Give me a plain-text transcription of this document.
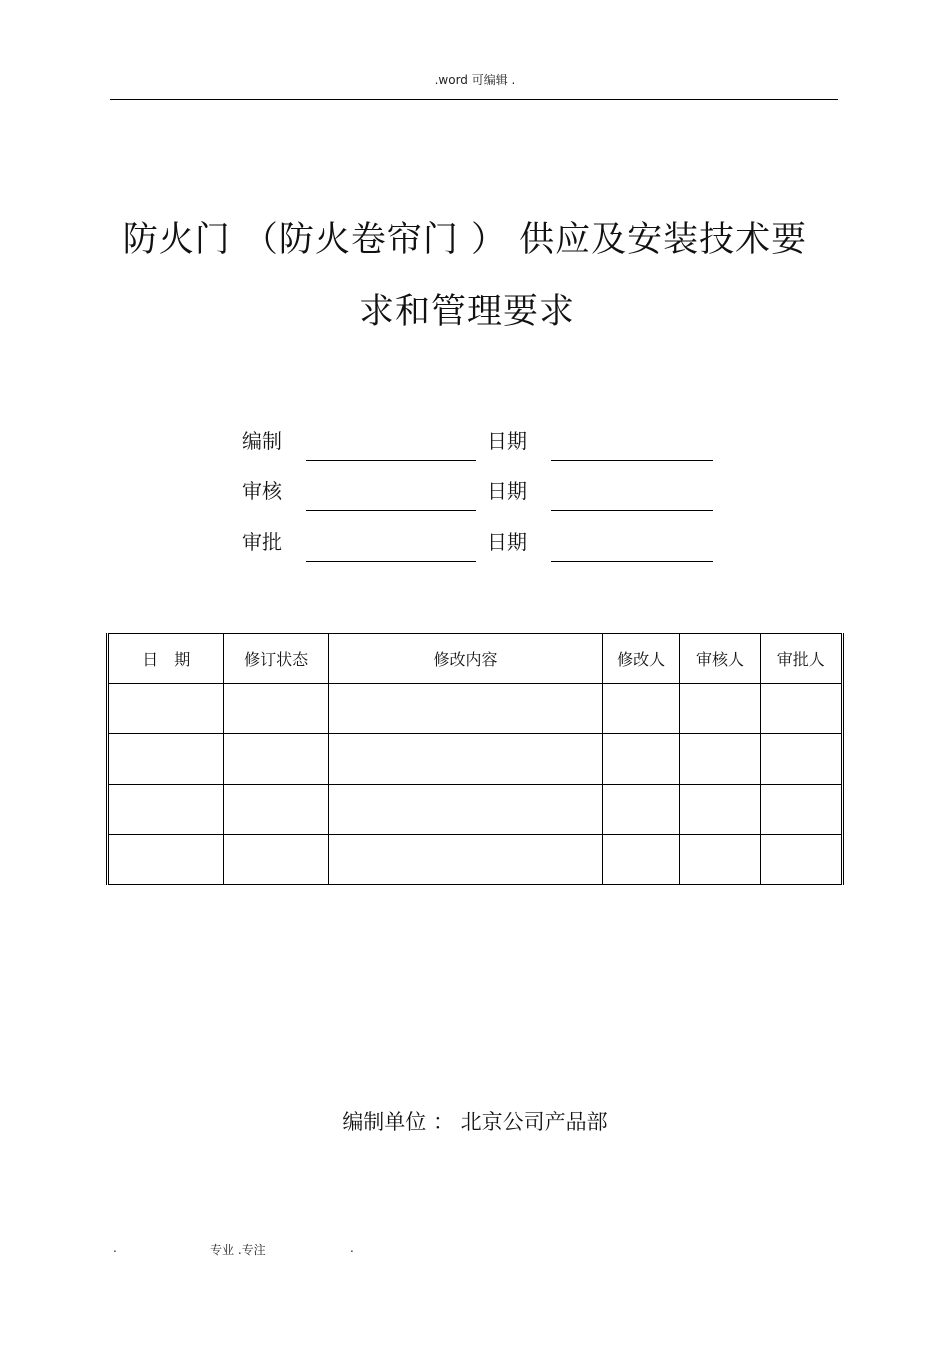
.word 可编辑 .
防火门 （防火卷帘门 ） 供应及安装技术要
求和管理要求
编制	日期
审核	日期
审批	日期
日　期	修订状态	修改内容	修改人	审核人	审批人

编制单位 ： 北京公司产品部
.	专业 .专注	.
